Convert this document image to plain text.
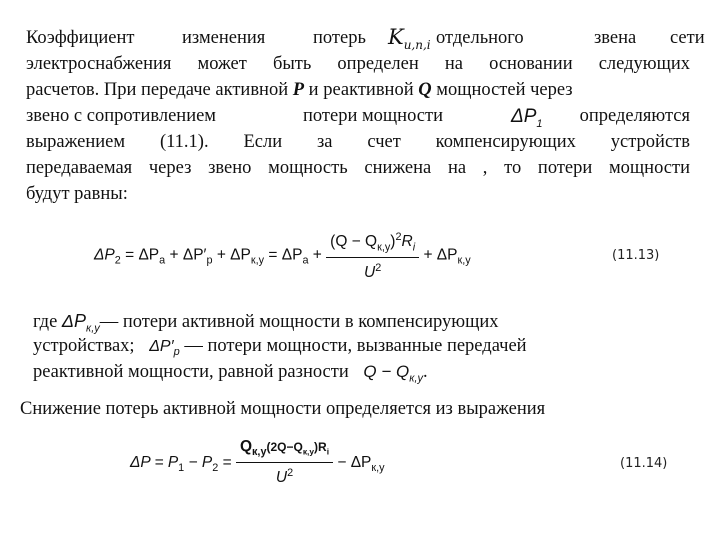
Коэффициент	изменения	потерь $K_{и,п,i}$ отдельного	звена сети
электроснабжения может быть определен на основании следующих
расчетов. При передаче активной P и реактивной Q мощностей через
звено с сопротивлением	потери мощности	$\Delta P_1$ определяются
выражением (11.1). Если за счет компенсирующих устройств
передаваемая через звено мощность снижена на , то потери мощности
будут равны:
$\Delta P_2 = \Delta P_а + \Delta P'_р + \Delta P_{к,у} = \Delta P_а + \frac{(Q - Q_{к,у})^2R_i}{U^2} + \Delta P_{к,у}$	(11.13)
где $\Delta P_{к,у}—$ потери активной мощности в компенсирующих
устройствах; $\Delta P'_р$ — потери мощности, вызванные передачей
реактивной мощности, равной разности $Q - Q_{к,у}$.
Снижение потерь активной мощности определяется из выражения
$\Delta P = P_1 - P_2 = \frac{Q_{к,у}(2Q-Q_{к,у})R_i}{U^2} - \Delta P_{к,у}$	(11.14)
